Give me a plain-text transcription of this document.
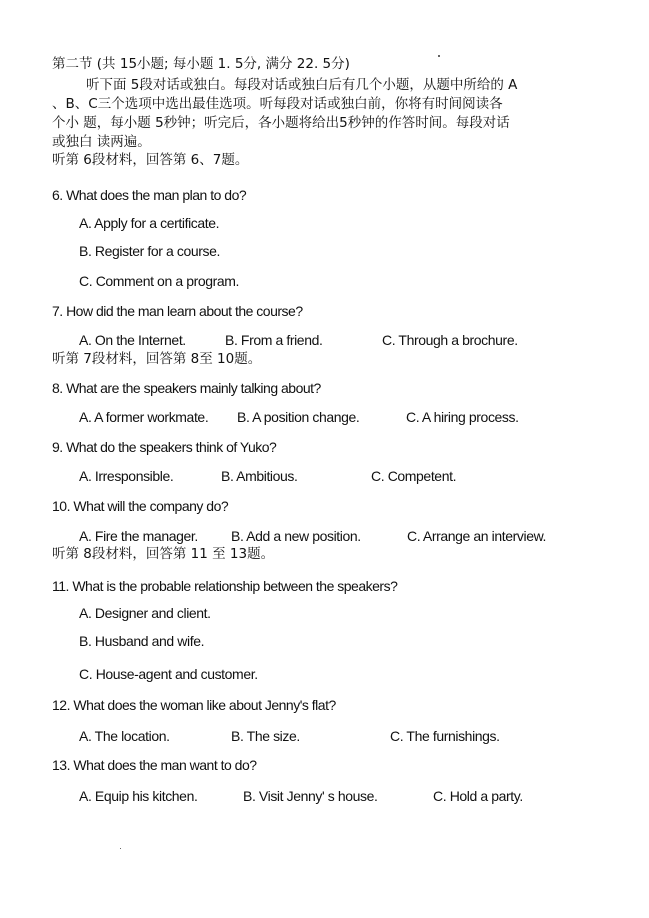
第二节 (共 15小题; 每小题 1. 5分, 满分 22. 5分)
听下面 5段对话或独白。每段对话或独白后有几个小题，从题中所给的 A
、B、C三个选项中选出最佳选项。听每段对话或独白前，你将有时间阅读各
个小 题，每小题 5秒钟；听完后，各小题将给出5秒钟的作答时间。每段对话
或独白 读两遍。
听第 6段材料，回答第 6、7题。
6. What does the man plan to do?
A. Apply for a certificate.
B. Register for a course.
C. Comment on a program.
7. How did the man learn about the course?
A. On the Internet.	B. From a friend.	C. Through a brochure.
听第 7段材料，回答第 8至 10题。
8. What are the speakers mainly talking about?
A. A former workmate. B. A position change.	C. A hiring process.
9. What do the speakers think of Yuko?
A. Irresponsible.	B. Ambitious.	C. Competent.
10. What will the company do?
A. Fire the manager. B. Add a new position.	C. Arrange an interview.
听第 8段材料，回答第 11 至 13题。
11. What is the probable relationship between the speakers?
A. Designer and client.
B. Husband and wife.
C. House-agent and customer.
12. What does the woman like about Jenny's flat?
A. The location.	B. The size.	C. The furnishings.
13. What does the man want to do?
A. Equip his kitchen.	B. Visit Jenny' s house.	C. Hold a party.
